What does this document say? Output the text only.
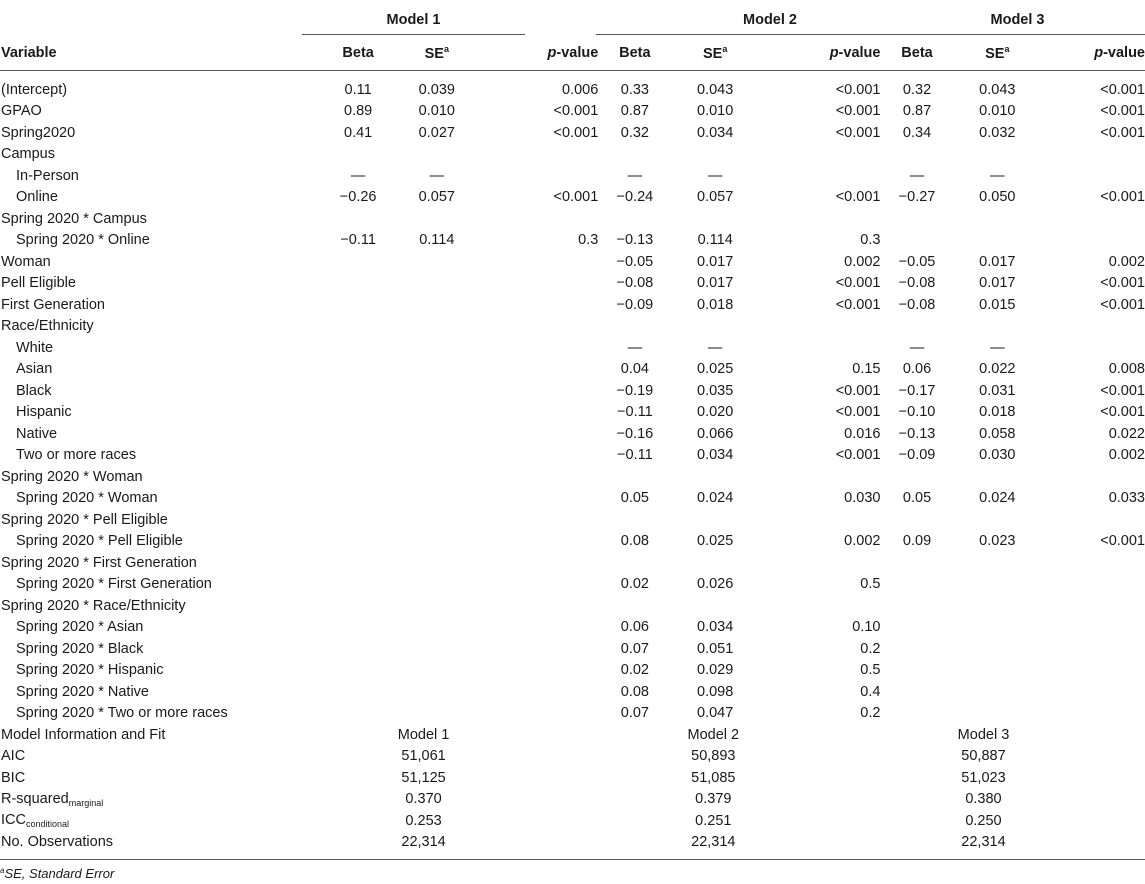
Model 1		Model 2	Model 3
Variable	Beta	$SE^a$	p-value	Beta	$SE^a$	p-value	Beta	$SE^a$	p-value
(Intercept)	0.11	0.039	0.006	0.33	0.043	<0.001	0.32	0.043	<0.001
GPAO	0.89	0.010	<0.001	0.87	0.010	<0.001	0.87	0.010	<0.001
Spring2020	0.41	0.027	<0.001	0.32	0.034	<0.001	0.34	0.032	<0.001
Campus									
In-Person	—	—		—	—		—	—	
Online	−0.26	0.057	<0.001	−0.24	0.057	<0.001	−0.27	0.050	<0.001
Spring 2020 * Campus									
Spring 2020 * Online	−0.11	0.114	0.3	−0.13	0.114	0.3			
Woman				−0.05	0.017	0.002	−0.05	0.017	0.002
Pell Eligible				−0.08	0.017	<0.001	−0.08	0.017	<0.001
First Generation				−0.09	0.018	<0.001	−0.08	0.015	<0.001
Race/Ethnicity									
White				—	—		—	—	
Asian				0.04	0.025	0.15	0.06	0.022	0.008
Black				−0.19	0.035	<0.001	−0.17	0.031	<0.001
Hispanic				−0.11	0.020	<0.001	−0.10	0.018	<0.001
Native				−0.16	0.066	0.016	−0.13	0.058	0.022
Two or more races				−0.11	0.034	<0.001	−0.09	0.030	0.002
Spring 2020 * Woman									
Spring 2020 * Woman				0.05	0.024	0.030	0.05	0.024	0.033
Spring 2020 * Pell Eligible									
Spring 2020 * Pell Eligible				0.08	0.025	0.002	0.09	0.023	<0.001
Spring 2020 * First Generation									
Spring 2020 * First Generation				0.02	0.026	0.5			
Spring 2020 * Race/Ethnicity									
Spring 2020 * Asian				0.06	0.034	0.10			
Spring 2020 * Black				0.07	0.051	0.2			
Spring 2020 * Hispanic				0.02	0.029	0.5			
Spring 2020 * Native				0.08	0.098	0.4			
Spring 2020 * Two or more races				0.07	0.047	0.2			
Model Information and Fit	Model 1			Model 2			Model 3		

AIC	51,061			50,893			50,887		

BIC	51,125			51,085			51,023		

R-squared$_{marginal}$	0.370			0.379			0.380		

$ICC_{conditional}$	0.253			0.251			0.250		

No. Observations	22,314			22,314			22,314		
$^a$SE, Standard Error
